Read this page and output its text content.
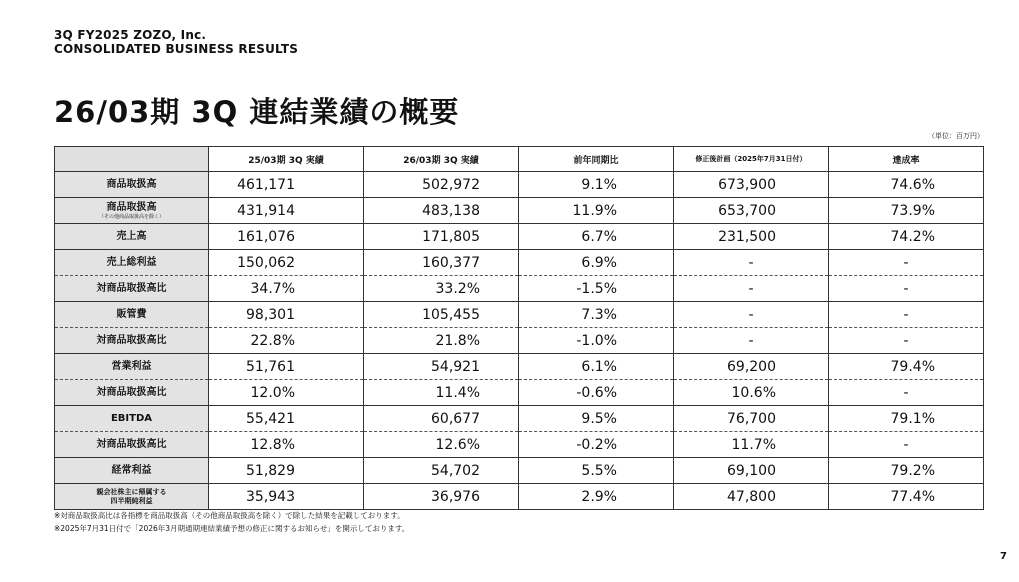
3Q FY2025 ZOZO, Inc.
CONSOLIDATED BUSINESS RESULTS
26/03期 3Q 連結業績の概要
（単位：百万円）
	25/03期 3Q 実績	26/03期 3Q 実績	前年同期比	修正後計画（2025年7月31日付）	達成率

商品取扱高	461,171	502,972	9.1%	673,900	74.6%

商品取扱高
（その他商品取扱高を除く）	431,914	483,138	11.9%	653,700	73.9%

売上高	161,076	171,805	6.7%	231,500	74.2%

売上総利益	150,062	160,377	6.9%	-	-

対商品取扱高比	34.7%	33.2%	-1.5%	-	-

販管費	98,301	105,455	7.3%	-	-

対商品取扱高比	22.8%	21.8%	-1.0%	-	-

営業利益	51,761	54,921	6.1%	69,200	79.4%

対商品取扱高比	12.0%	11.4%	-0.6%	10.6%	-

EBITDA	55,421	60,677	9.5%	76,700	79.1%

対商品取扱高比	12.8%	12.6%	-0.2%	11.7%	-

経常利益	51,829	54,702	5.5%	69,100	79.2%

親会社株主に帰属する
四半期純利益	35,943	36,976	2.9%	47,800	77.4%
※対商品取扱高比は各指標を商品取扱高（その他商品取扱高を除く）で除した結果を記載しております。
※2025年7月31日付で「2026年3月期通期連結業績予想の修正に関するお知らせ」を開示しております。
7
